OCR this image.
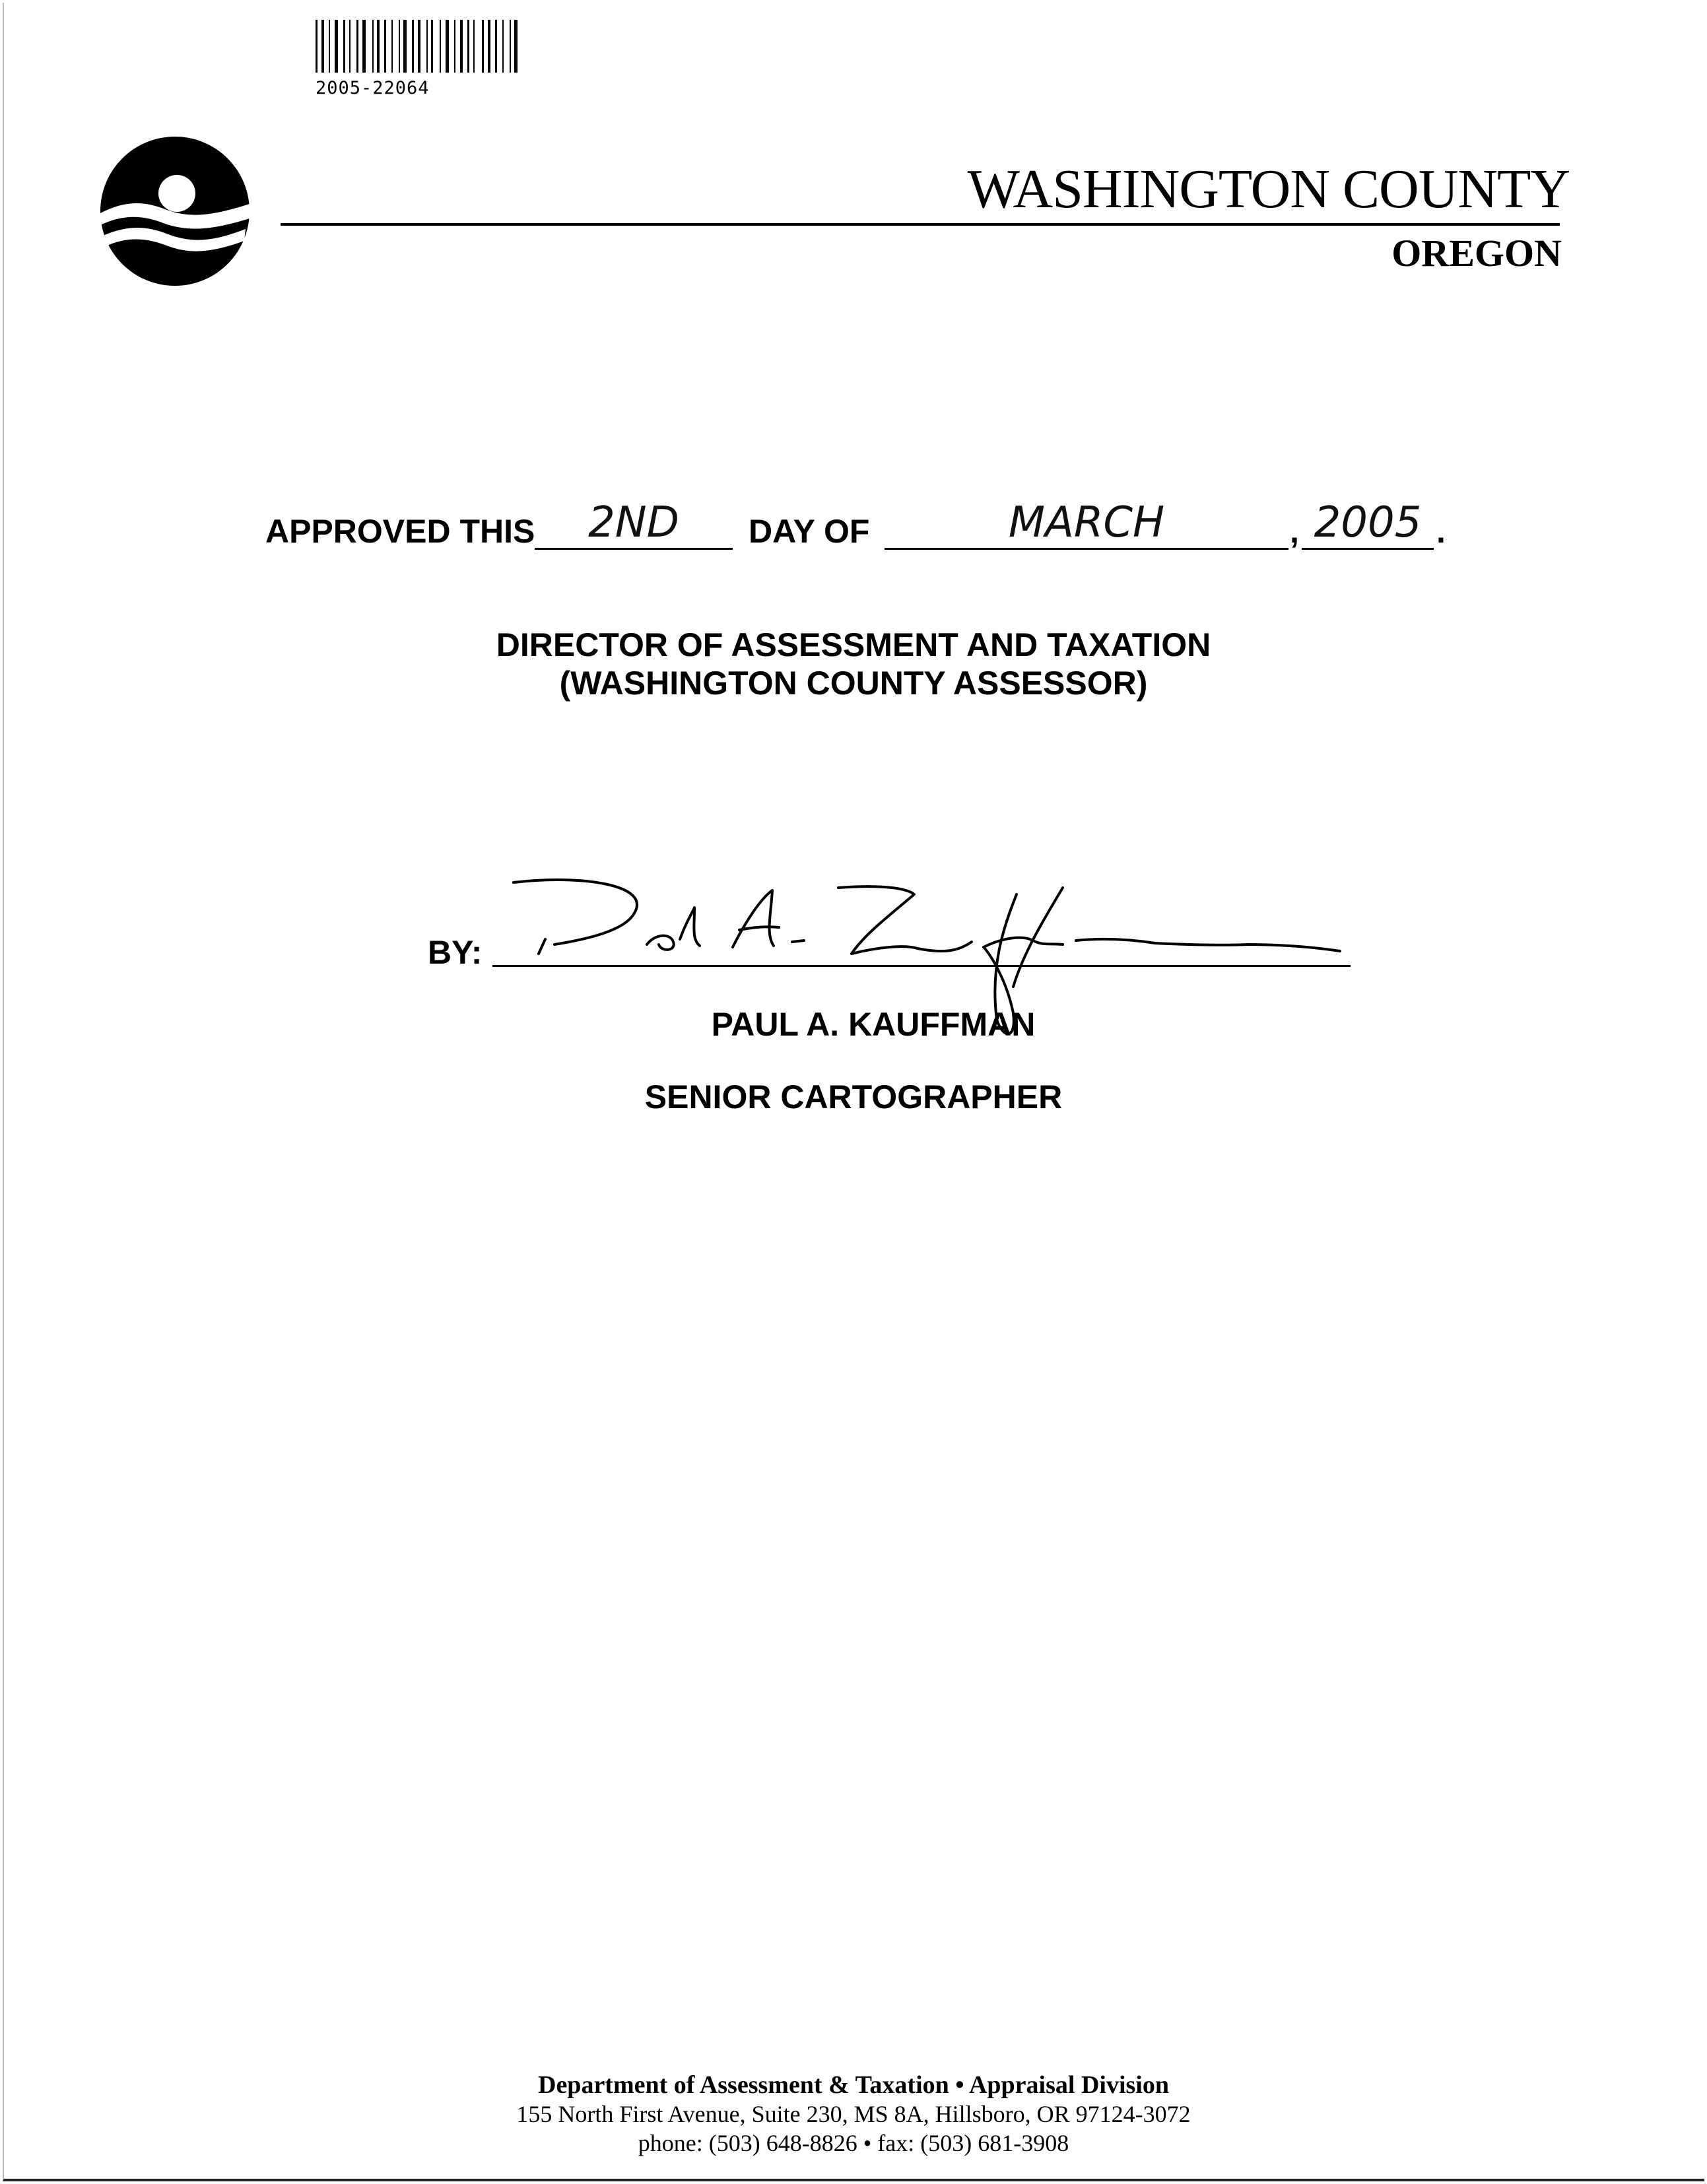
2005-22064
WASHINGTON COUNTY
OREGON
APPROVED THIS	2ND	DAY OF	MARCH	, 2005 .
DIRECTOR OF ASSESSMENT AND TAXATION
(WASHINGTON COUNTY ASSESSOR)
BY:
PAUL A. KAUFFMAN
SENIOR CARTOGRAPHER
Department of Assessment & Taxation • Appraisal Division
155 North First Avenue, Suite 230, MS 8A, Hillsboro, OR 97124-3072
phone: (503) 648-8826 • fax: (503) 681-3908
